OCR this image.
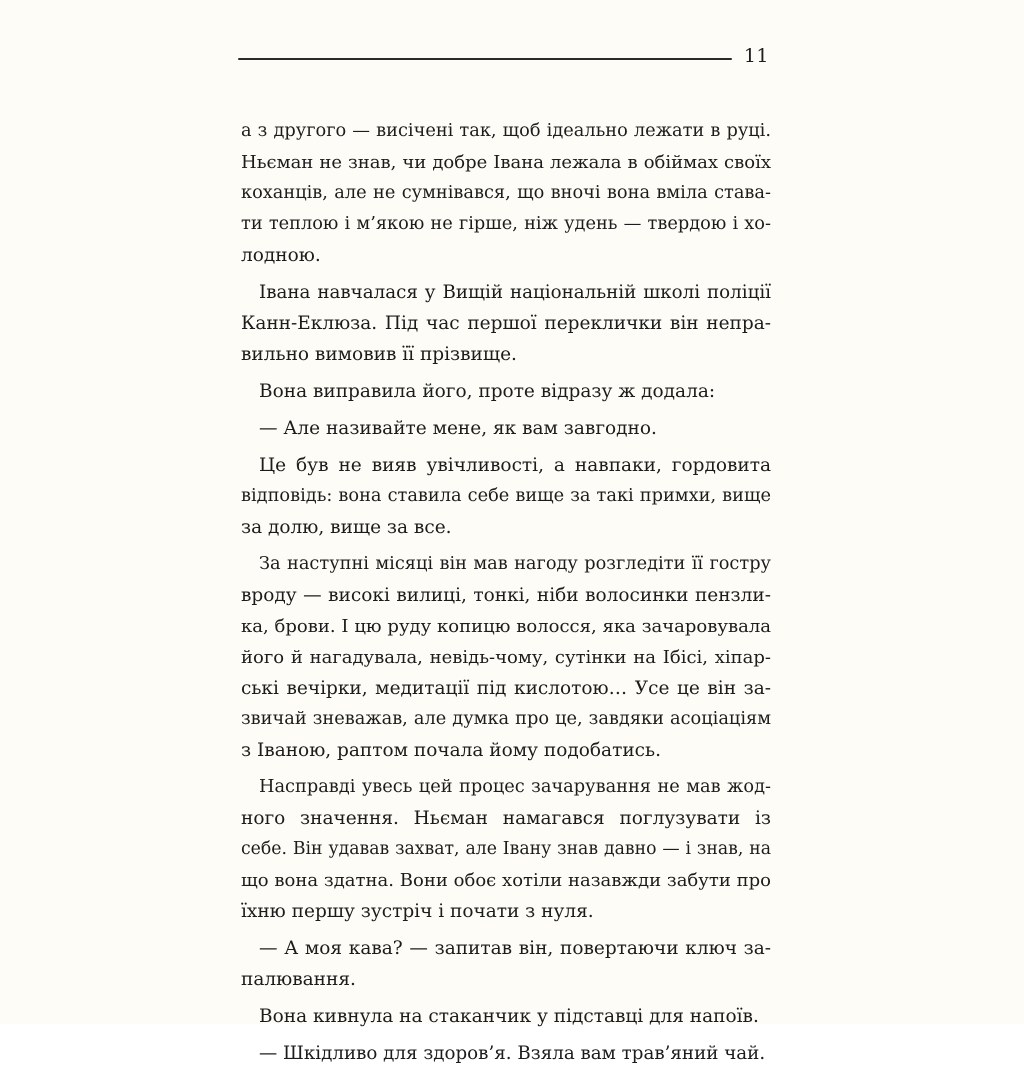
11
а з другого — висічені так, щоб ідеально лежати в руці.
Ньєман не знав, чи добре Івана лежала в обіймах своїх
коханців, але не сумнівався, що вночі вона вміла става-
ти теплою і м’якою не гірше, ніж удень — твердою і хо-
лодною.
Івана навчалася у Вищій національній школі поліції
Канн-Еклюза. Під час першої переклички він непра-
вильно вимовив її прізвище.
Вона виправила його, проте відразу ж додала:
— Але називайте мене, як вам завгодно.
Це був не вияв увічливості, а навпаки, гордовита
відповідь: вона ставила себе вище за такі примхи, вище
за долю, вище за все.
За наступні місяці він мав нагоду розгледіти її гостру
вроду — високі вилиці, тонкі, ніби волосинки пензли-
ка, брови. І цю руду копицю волосся, яка зачаровувала
його й нагадувала, невідь-чому, сутінки на Ібісі, хіпар-
ські вечірки, медитації під кислотою… Усе це він за-
звичай зневажав, але думка про це, завдяки асоціаціям
з Іваною, раптом почала йому подобатись.
Насправді увесь цей процес зачарування не мав жод-
ного значення. Ньєман намагався поглузувати із
себе. Він удавав захват, але Івану знав давно — і знав, на
що вона здатна. Вони обоє хотіли назавжди забути про
їхню першу зустріч і почати з нуля.
— А моя кава? — запитав він, повертаючи ключ за-
палювання.
Вона кивнула на стаканчик у підставці для напоїв.
— Шкідливо для здоров’я. Взяла вам трав’яний чай.
